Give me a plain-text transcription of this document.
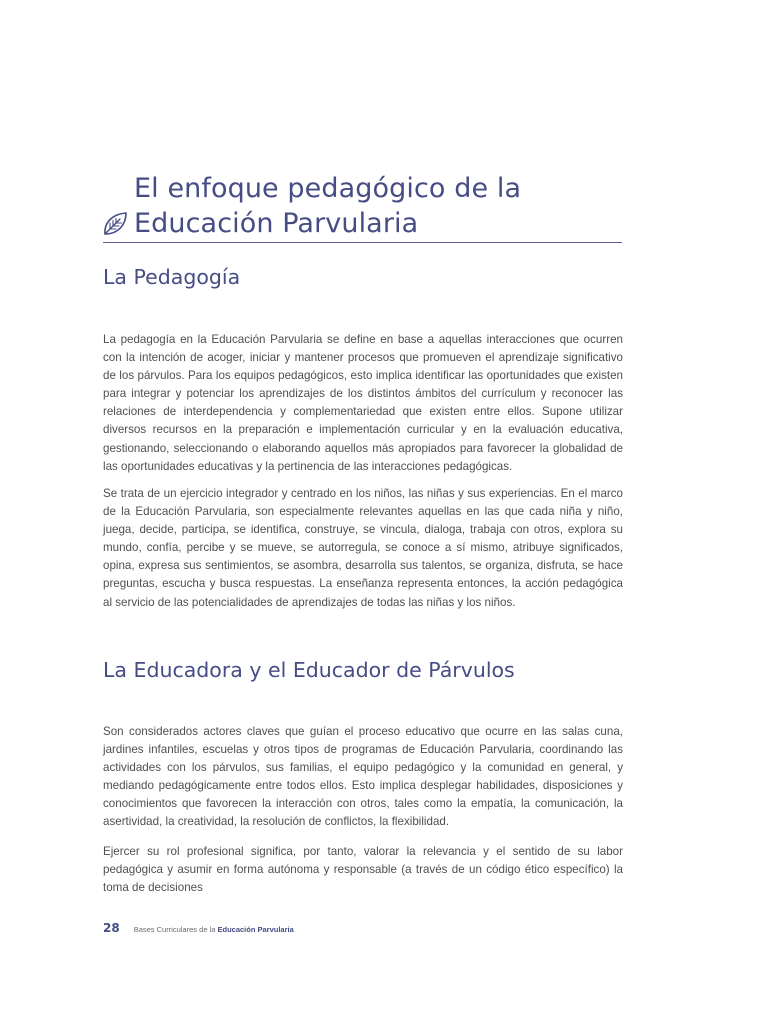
El enfoque pedagógico de la
Educación Parvularia
La Pedagogía

La pedagogía en la Educación Parvularia se define en base a aquellas interacciones que ocurren con la intención de acoger, iniciar y mantener procesos que promueven el aprendizaje significativo de los párvulos. Para los equipos pedagógicos, esto implica identificar las oportunidades que existen para integrar y potenciar los aprendizajes de los distintos ámbitos del currículum y reconocer las relaciones de interdependencia y complementariedad que existen entre ellos. Supone utilizar diversos recursos en la preparación e implementación curricular y en la evaluación educativa, gestionando, seleccionando o elaborando aquellos más apropiados para favorecer la globalidad de las oportunidades educativas y la pertinencia de las interacciones pedagógicas.

Se trata de un ejercicio integrador y centrado en los niños, las niñas y sus experiencias. En el marco de la Educación Parvularia, son especialmente relevantes aquellas en las que cada niña y niño, juega, decide, participa, se identifica, construye, se vincula, dialoga, trabaja con otros, explora su mundo, confía, percibe y se mueve, se autorregula, se conoce a sí mismo, atribuye significados, opina, expresa sus sentimientos, se asombra, desarrolla sus talentos, se organiza, disfruta, se hace preguntas, escucha y busca respuestas. La enseñanza representa entonces, la acción pedagógica al servicio de las potencialidades de aprendizajes de todas las niñas y los niños.

La Educadora y el Educador de Párvulos

Son considerados actores claves que guían el proceso educativo que ocurre en las salas cuna, jardines infantiles, escuelas y otros tipos de programas de Educación Parvularia, coordinando las actividades con los párvulos, sus familias, el equipo pedagógico y la comunidad en general, y mediando pedagógicamente entre todos ellos. Esto implica desplegar habilidades, disposiciones y conocimientos que favorecen la interacción con otros, tales como la empatía, la comunicación, la asertividad, la creatividad, la resolución de conflictos, la flexibilidad.

Ejercer su rol profesional significa, por tanto, valorar la relevancia y el sentido de su labor pedagógica y asumir en forma autónoma y responsable (a través de un código ético específico) la toma de decisiones

28 Bases Curriculares de la Educación Parvularia
